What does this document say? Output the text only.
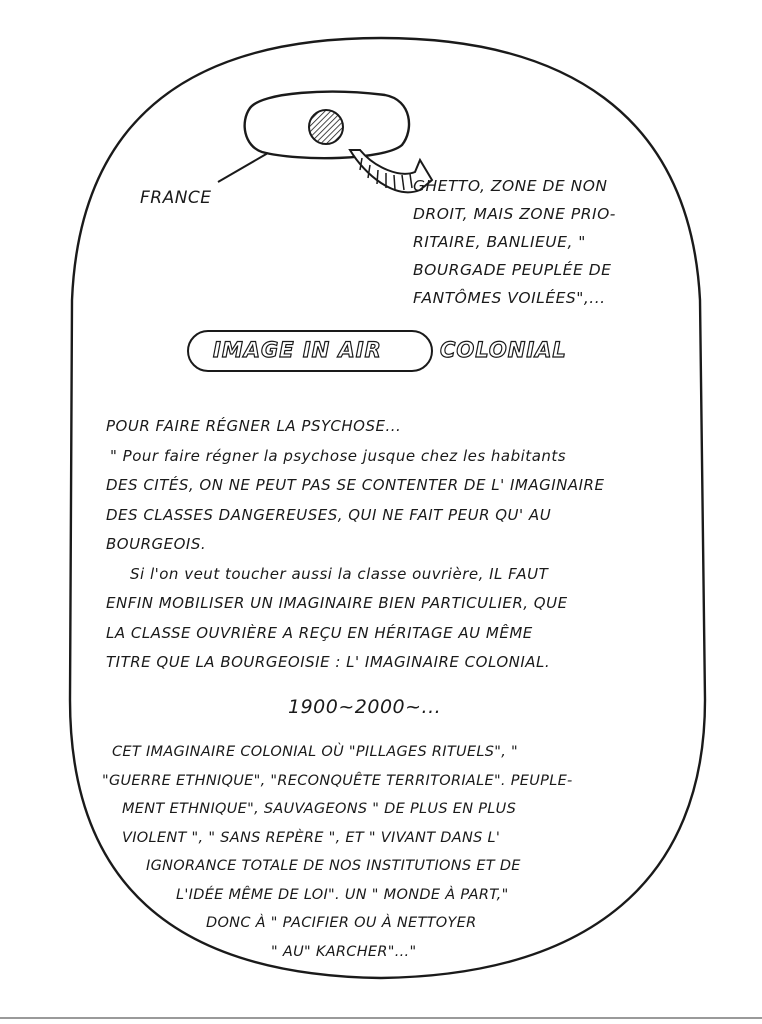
FRANCE
GHETTO, ZONE DE NON
DROIT, MAIS ZONE PRIO-
RITAIRE, BANLIEUE, "
BOURGADE PEUPLÉE DE
FANTÔMES VOILÉES",...
IMAGE IN AIR	COLONIAL
POUR FAIRE RÉGNER LA PSYCHOSE...
" Pour faire régner la psychose jusque chez les habitants
DES CITÉS, ON NE PEUT PAS SE CONTENTER DE L' IMAGINAIRE
DES CLASSES DANGEREUSES, QUI NE FAIT PEUR QU' AU
BOURGEOIS.
Si l'on veut toucher aussi la classe ouvrière, IL FAUT
ENFIN MOBILISER UN IMAGINAIRE BIEN PARTICULIER, QUE
LA CLASSE OUVRIÈRE A REÇU EN HÉRITAGE AU MÊME
TITRE QUE LA BOURGEOISIE : L' IMAGINAIRE COLONIAL.
1900~2000~...
CET IMAGINAIRE COLONIAL OÙ "PILLAGES RITUELS", "
"GUERRE ETHNIQUE", "RECONQUÊTE TERRITORIALE". PEUPLE-
MENT ETHNIQUE", SAUVAGEONS " DE PLUS EN PLUS
VIOLENT ", " SANS REPÈRE ", ET " VIVANT DANS L'
IGNORANCE TOTALE DE NOS INSTITUTIONS ET DE
L'IDÉE MÊME DE LOI". UN " MONDE À PART,"
DONC À " PACIFIER OU À NETTOYER
" AU" KARCHER"..."
